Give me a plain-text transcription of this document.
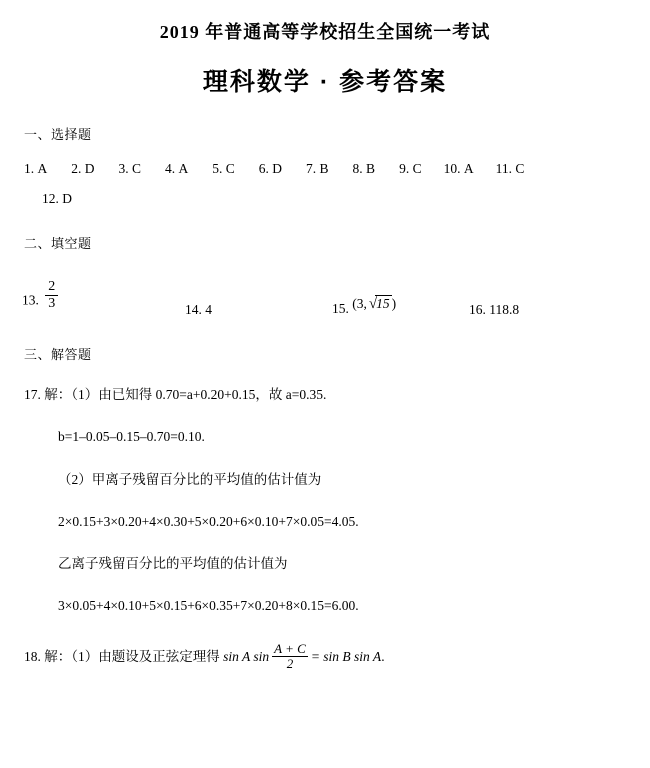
2019 年普通高等学校招生全国统一考试
理科数学 · 参考答案
一、选择题
1. A 2. D 3. C 4. A 5. C 6. D 7. B 8. B 9. C 10. A 11. C
12. D
二、填空题
13. $\frac{2}{3}$	14. 4	15. (3, √15 )	16. 118.8
三、解答题
17. 解：（1）由已知得 0.70=a+0.20+0.15，故 a=0.35.
b=1–0.05–0.15–0.70=0.10.
（2）甲离子残留百分比的平均值的估计值为
2×0.15+3×0.20+4×0.30+5×0.20+6×0.10+7×0.05=4.05.
乙离子残留百分比的平均值的估计值为
3×0.05+4×0.10+5×0.15+6×0.35+7×0.20+8×0.15=6.00.
18. 解：（1）由题设及正弦定理得 sin A $\sin \frac{A + C}{2} = \sin B$ sin A.
